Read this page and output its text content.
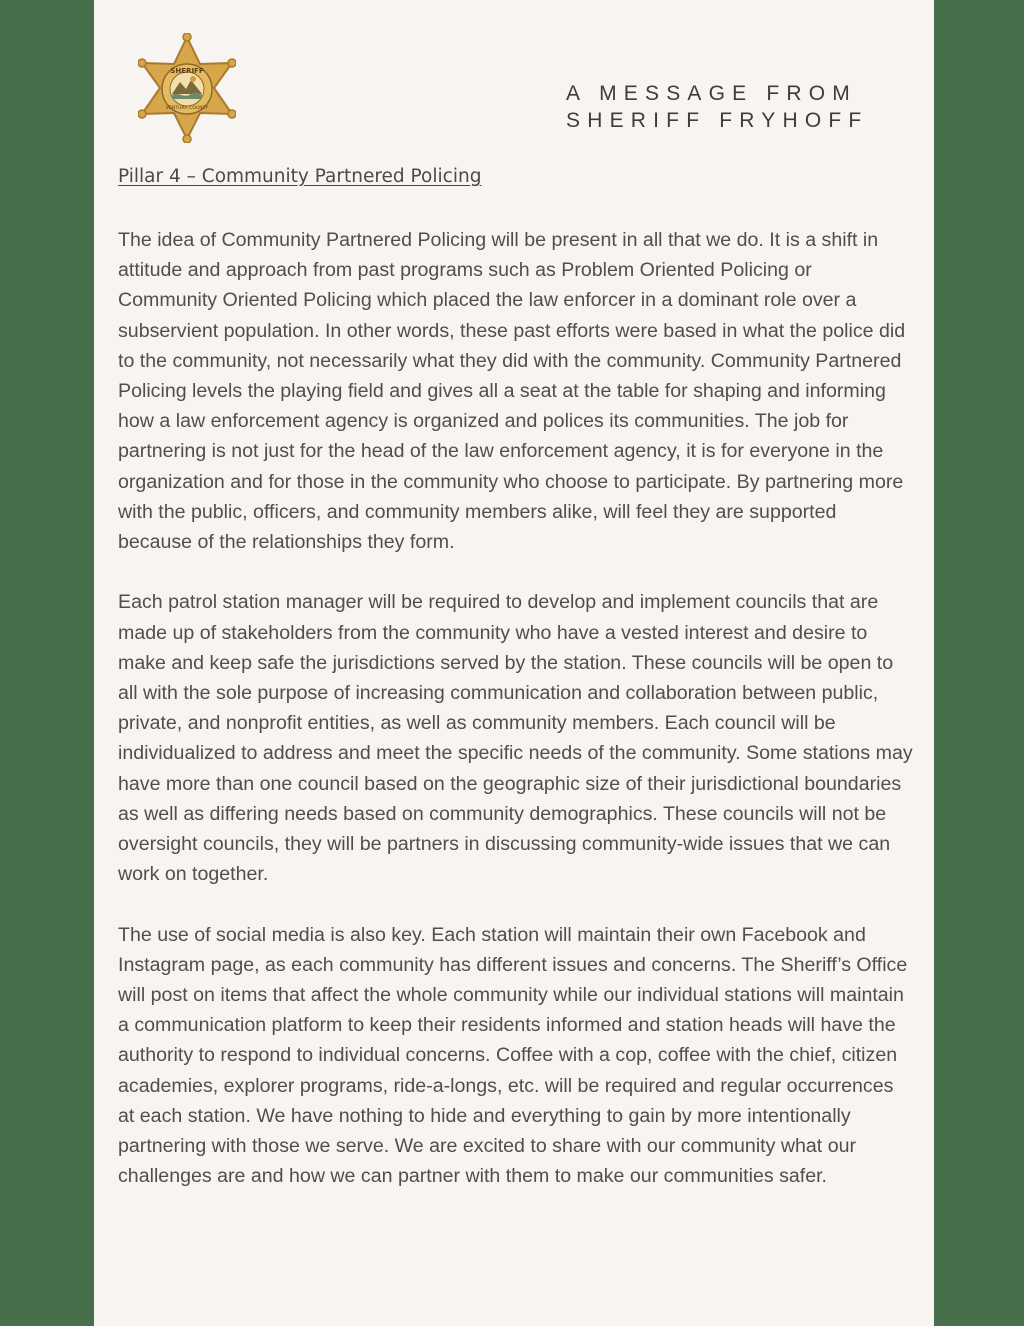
SHERIFF
VENTURA COUNTY
A MESSAGE FROM
SHERIFF FRYHOFF
Pillar 4 – Community Partnered Policing

The idea of Community Partnered Policing will be present in all that we do. It is a shift in attitude and approach from past programs such as Problem Oriented Policing or Community Oriented Policing which placed the law enforcer in a dominant role over a subservient population. In other words, these past efforts were based in what the police did to the community, not necessarily what they did with the community. Community Partnered Policing levels the playing field and gives all a seat at the table for shaping and informing how a law enforcement agency is organized and polices its communities. The job for partnering is not just for the head of the law enforcement agency, it is for everyone in the organization and for those in the community who choose to participate. By partnering more with the public, officers, and community members alike, will feel they are supported because of the relationships they form.

Each patrol station manager will be required to develop and implement councils that are made up of stakeholders from the community who have a vested interest and desire to make and keep safe the jurisdictions served by the station. These councils will be open to all with the sole purpose of increasing communication and collaboration between public, private, and nonprofit entities, as well as community members. Each council will be individualized to address and meet the specific needs of the community. Some stations may have more than one council based on the geographic size of their jurisdictional boundaries as well as differing needs based on community demographics. These councils will not be oversight councils, they will be partners in discussing community-wide issues that we can work on together.

The use of social media is also key. Each station will maintain their own Facebook and Instagram page, as each community has different issues and concerns. The Sheriff’s Office will post on items that affect the whole community while our individual stations will maintain a communication platform to keep their residents informed and station heads will have the authority to respond to individual concerns. Coffee with a cop, coffee with the chief, citizen academies, explorer programs, ride-a-longs, etc. will be required and regular occurrences at each station. We have nothing to hide and everything to gain by more intentionally partnering with those we serve. We are excited to share with our community what our challenges are and how we can partner with them to make our communities safer.
